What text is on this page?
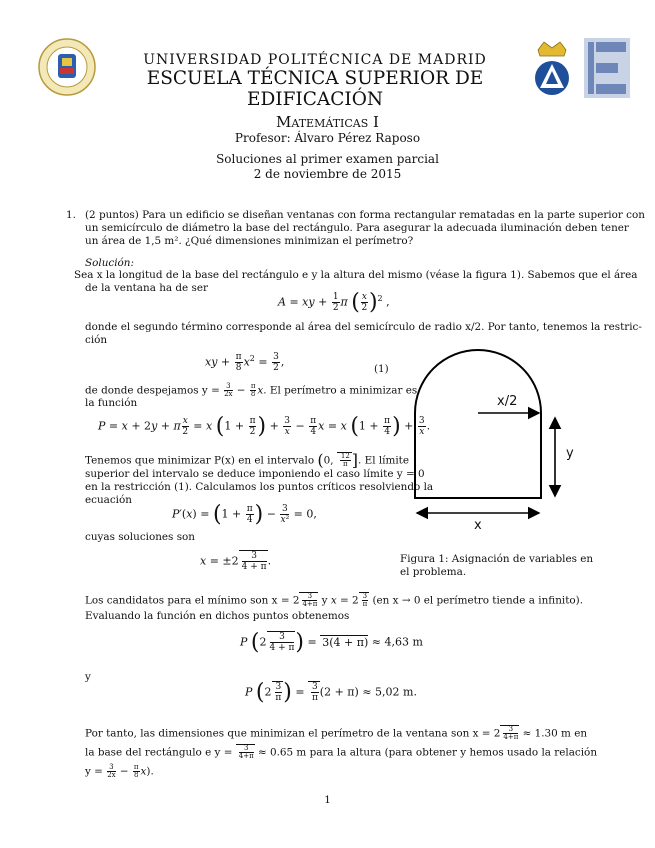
UNIVERSIDAD POLITÉCNICA DE MADRID
ESCUELA TÉCNICA SUPERIOR DE EDIFICACIÓN
Matemáticas I
Profesor: Álvaro Pérez Raposo
Soluciones al primer examen parcial
2 de noviembre de 2015
1. (2 puntos) Para un edificio se diseñan ventanas con forma rectangular rematadas en la parte superior con
un semicírculo de diámetro la base del rectángulo. Para asegurar la adecuada iluminación deben tener
un área de 1,5 m². ¿Qué dimensiones minimizan el perímetro?
Solución:
Sea x la longitud de la base del rectángulo e y la altura del mismo (véase la figura 1). Sabemos que el área
de la ventana ha de ser
A = xy + $\frac{1}{2}$ π ( $\frac{x}{2} )^2$ ,
donde el segundo término corresponde al área del semicírculo de radio x/2. Por tanto, tenemos la restric-
ción
xy + $\frac{\pi}{8} x^2 = \frac{3}{2}$ ,
(1)
de donde despejamos $y = \frac{3}{2x} - \frac{\pi}{8} x$. El perímetro a minimizar es
la función
P = x + 2y + π $\frac{x}{2} = x$ ($1 + \frac{\pi}{2}$ ) + $\frac{3}{x} - \frac{\pi}{4}$ x = x ($1 + \frac{\pi}{4}$ ) + $\frac{3}{x}$ .
Tenemos que minimizar P(x) en el intervalo (0, $\frac{12}{\pi}$ ]. El límite
superior del intervalo se deduce imponiendo el caso límite y = 0
en la restricción (1). Calculamos los puntos críticos resolviendo la
ecuación
$P'(x) = (1 + \frac{\pi}{4}$ ) − $\frac{3}{\text{x²}} = 0$,
cuyas soluciones son
$x = \pm 2 \frac{3}{4 + \pi}$ .
x/2
y
x
Figura 1: Asignación de variables en
el problema.
Los candidatos para el mínimo son $x = 2 \frac{3}{4+\pi}$ y $x = 2 \frac{3}{\pi} (en$ x → 0 el perímetro tiende a infinito).
Evaluando la función en dichos puntos obtenemos
P ($2 \frac{3}{4 + \pi}$ ) = 3(4 + π) ≈ 4,63 m
y
P ($2 \frac{3}{\pi}$ ) = $\frac{3}{\pi} (2 + \pi) \approx 5,02$ m.
Por tanto, las dimensiones que minimizan el perímetro de la ventana son $x = 2 \frac{3}{4+\pi} \approx 1.30$ m en
la base del rectángulo e $y = \frac{3}{4+\pi} \approx 0.65$ m para la altura (para obtener y hemos usado la relación
$y = \frac{3}{2x} - \frac{\pi}{8} x$).
1
